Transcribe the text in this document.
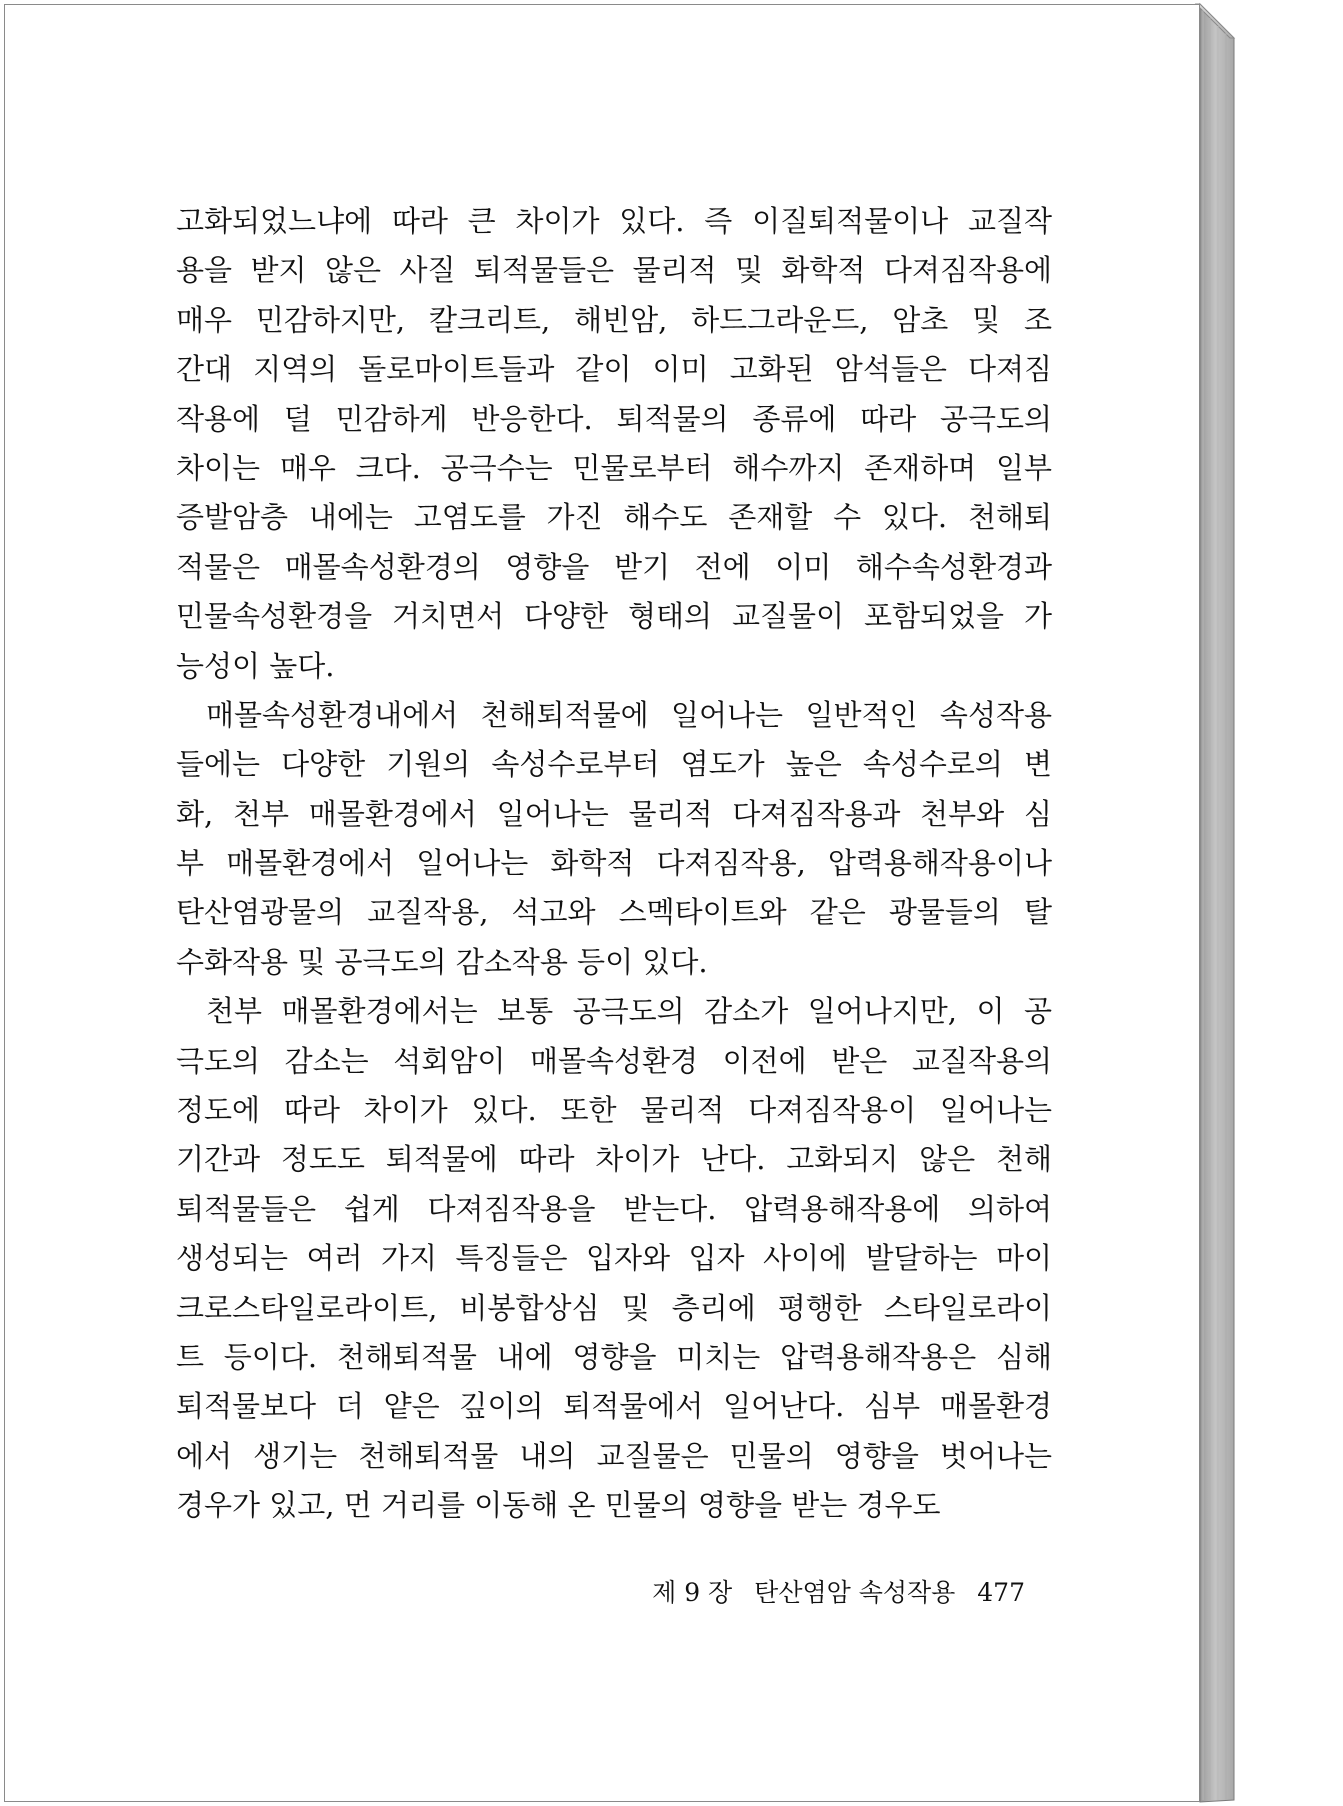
고화되었느냐에 따라 큰 차이가 있다. 즉 이질퇴적물이나 교질작
용을 받지 않은 사질 퇴적물들은 물리적 및 화학적 다져짐작용에
매우 민감하지만, 칼크리트, 해빈암, 하드그라운드, 암초 및 조
간대 지역의 돌로마이트들과 같이 이미 고화된 암석들은 다져짐
작용에 덜 민감하게 반응한다. 퇴적물의 종류에 따라 공극도의
차이는 매우 크다. 공극수는 민물로부터 해수까지 존재하며 일부
증발암층 내에는 고염도를 가진 해수도 존재할 수 있다. 천해퇴
적물은 매몰속성환경의 영향을 받기 전에 이미 해수속성환경과
민물속성환경을 거치면서 다양한 형태의 교질물이 포함되었을 가
능성이 높다.
매몰속성환경내에서 천해퇴적물에 일어나는 일반적인 속성작용
들에는 다양한 기원의 속성수로부터 염도가 높은 속성수로의 변
화, 천부 매몰환경에서 일어나는 물리적 다져짐작용과 천부와 심
부 매몰환경에서 일어나는 화학적 다져짐작용, 압력용해작용이나
탄산염광물의 교질작용, 석고와 스멕타이트와 같은 광물들의 탈
수화작용 및 공극도의 감소작용 등이 있다.
천부 매몰환경에서는 보통 공극도의 감소가 일어나지만, 이 공
극도의 감소는 석회암이 매몰속성환경 이전에 받은 교질작용의
정도에 따라 차이가 있다. 또한 물리적 다져짐작용이 일어나는
기간과 정도도 퇴적물에 따라 차이가 난다. 고화되지 않은 천해
퇴적물들은 쉽게 다져짐작용을 받는다. 압력용해작용에 의하여
생성되는 여러 가지 특징들은 입자와 입자 사이에 발달하는 마이
크로스타일로라이트, 비봉합상심 및 층리에 평행한 스타일로라이
트 등이다. 천해퇴적물 내에 영향을 미치는 압력용해작용은 심해
퇴적물보다 더 얕은 깊이의 퇴적물에서 일어난다. 심부 매몰환경
에서 생기는 천해퇴적물 내의 교질물은 민물의 영향을 벗어나는
경우가 있고, 먼 거리를 이동해 온 민물의 영향을 받는 경우도
제 9 장 탄산염암 속성작용 477
